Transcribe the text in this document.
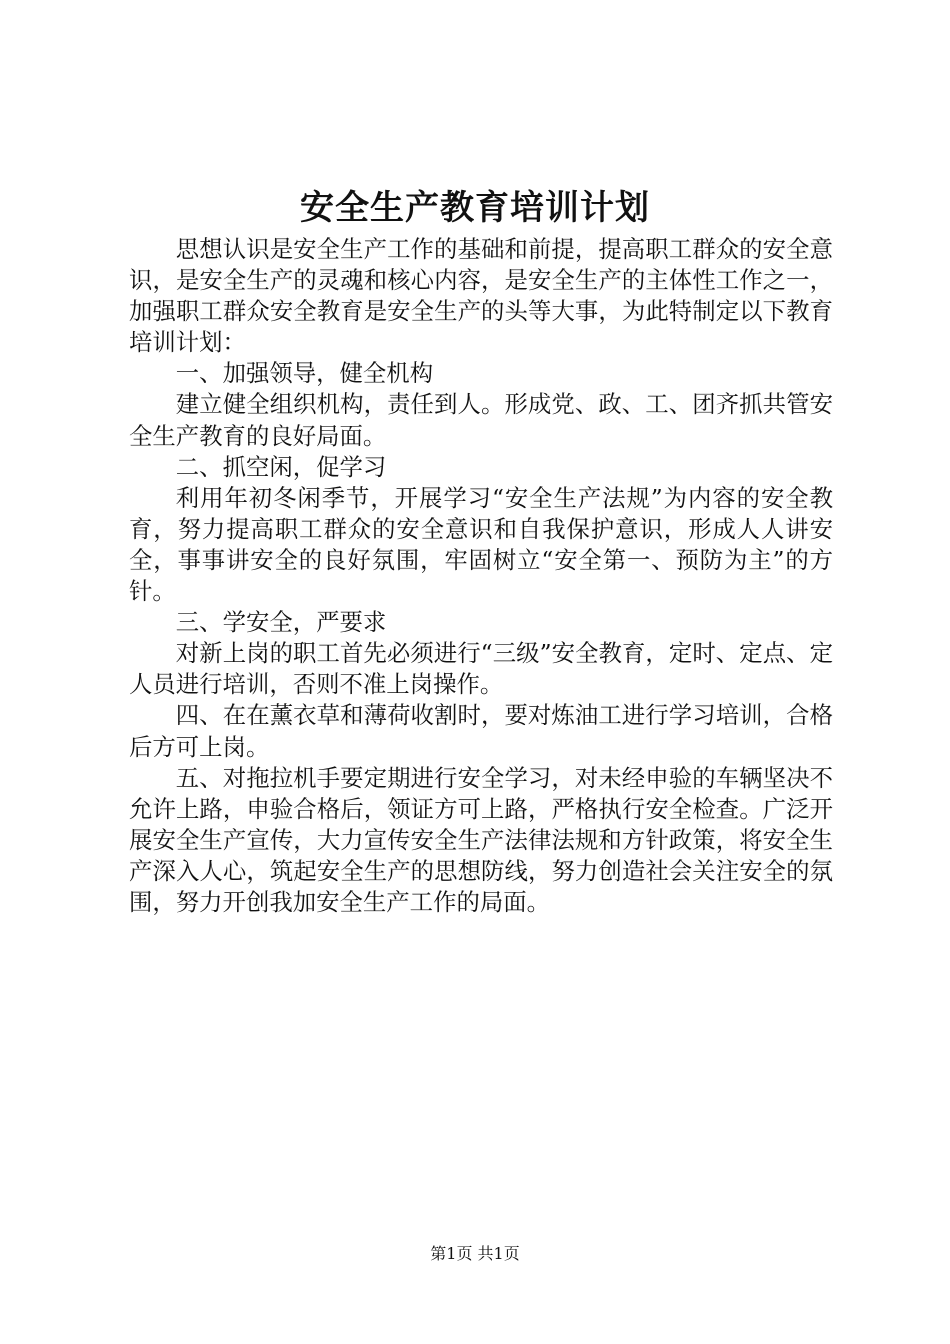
安全生产教育培训计划

思想认识是安全生产工作的基础和前提，提高职工群众的安全意识，是安全生产的灵魂和核心内容，是安全生产的主体性工作之一，加强职工群众安全教育是安全生产的头等大事，为此特制定以下教育培训计划：

一、加强领导，健全机构

建立健全组织机构，责任到人。形成党、政、工、团齐抓共管安全生产教育的良好局面。

二、抓空闲，促学习

利用年初冬闲季节，开展学习“安全生产法规”为内容的安全教育，努力提高职工群众的安全意识和自我保护意识，形成人人讲安全，事事讲安全的良好氛围，牢固树立“安全第一、预防为主”的方针。

三、学安全，严要求

对新上岗的职工首先必须进行“三级”安全教育，定时、定点、定人员进行培训，否则不准上岗操作。

四、在在薰衣草和薄荷收割时，要对炼油工进行学习培训，合格后方可上岗。

五、对拖拉机手要定期进行安全学习，对未经申验的车辆坚决不允许上路，申验合格后，领证方可上路，严格执行安全检查。广泛开展安全生产宣传，大力宣传安全生产法律法规和方针政策，将安全生产深入人心，筑起安全生产的思想防线，努力创造社会关注安全的氛围，努力开创我加安全生产工作的局面。

第1页 共1页
